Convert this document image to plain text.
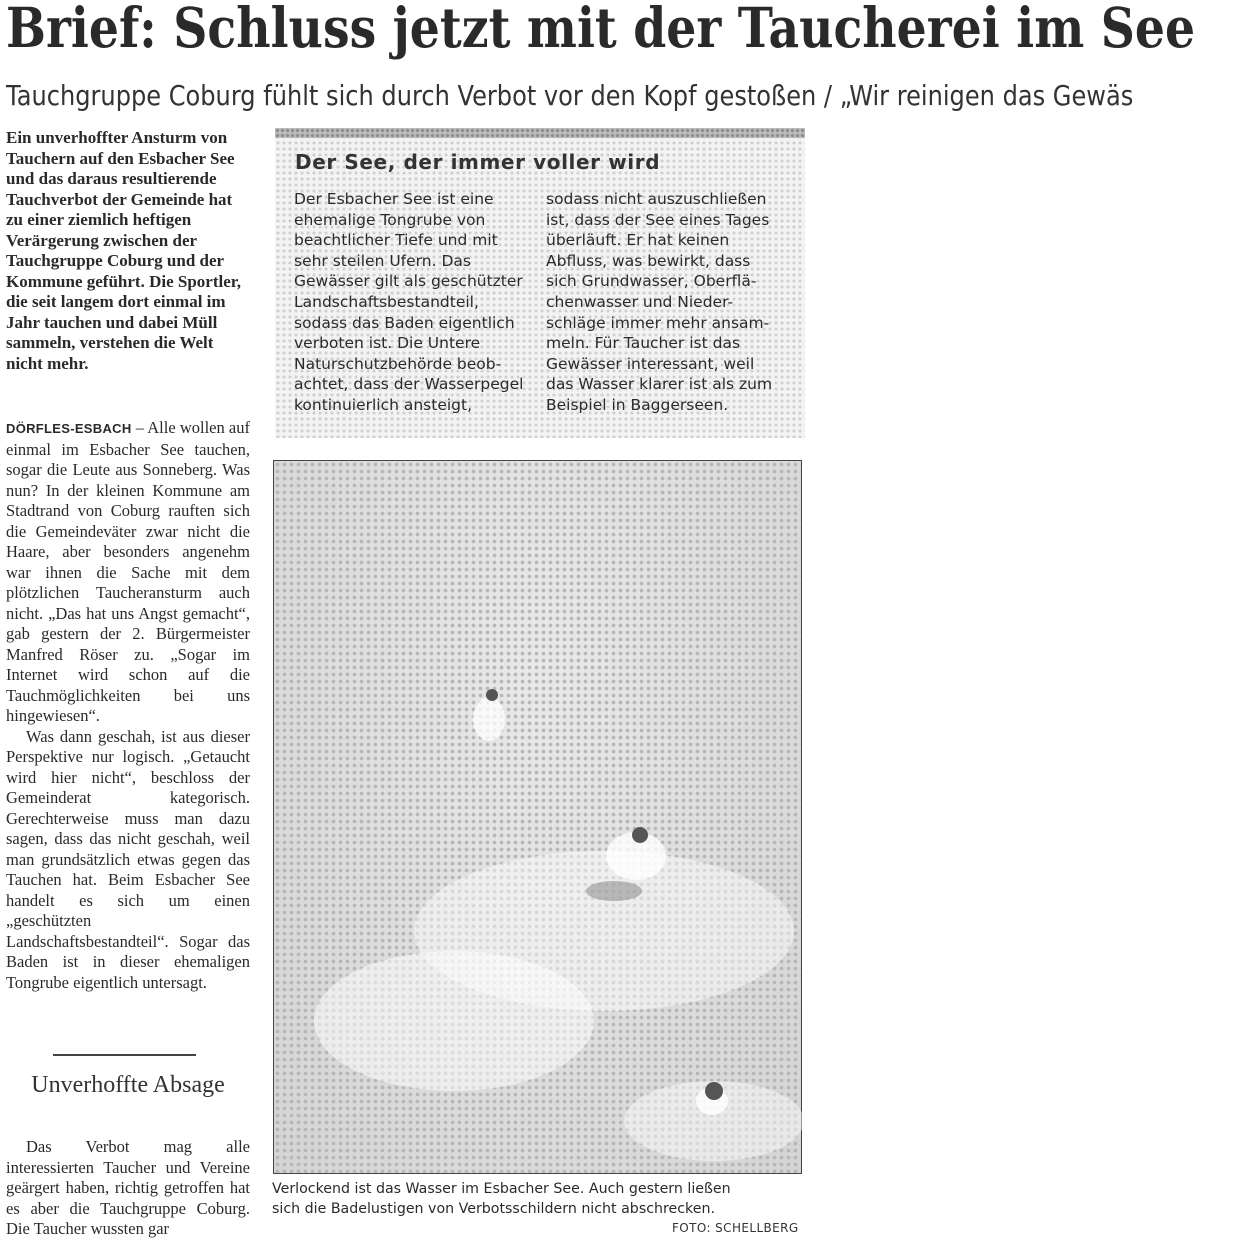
Brief: Schluss jetzt mit der Taucherei im See
Tauchgruppe Coburg fühlt sich durch Verbot vor den Kopf gestoßen / „Wir reinigen das Gewäs
Ein unverhoffter Ansturm von Tauchern auf den Esbacher See und das daraus resultierende Tauchverbot der Gemeinde hat zu einer ziemlich heftigen Verärgerung zwischen der Tauchgruppe Coburg und der Kommune geführt. Die Sportler, die seit langem dort einmal im Jahr tauchen und dabei Müll sammeln, verstehen die Welt nicht mehr.

DÖRFLES-ESBACH – Alle wollen auf einmal im Esbacher See tauchen, sogar die Leute aus Sonneberg. Was nun? In der kleinen Kommune am Stadtrand von Coburg rauften sich die Gemeindeväter zwar nicht die Haare, aber besonders angenehm war ihnen die Sache mit dem plötzlichen Taucheransturm auch nicht. „Das hat uns Angst gemacht“, gab gestern der 2. Bürgermeister Manfred Röser zu. „Sogar im Internet wird schon auf die Tauchmöglichkeiten bei uns hingewiesen“.

Was dann geschah, ist aus dieser Perspektive nur logisch. „Getaucht wird hier nicht“, beschloss der Gemeinderat kategorisch. Gerechterweise muss man dazu sagen, dass das nicht geschah, weil man grundsätzlich etwas gegen das Tauchen hat. Beim Esbacher See handelt es sich um einen „geschützten Landschaftsbestandteil“. Sogar das Baden ist in dieser ehemaligen Tongrube eigentlich untersagt.

Unverhoffte Absage

Das Verbot mag alle interessierten Taucher und Vereine geärgert haben, richtig getroffen hat es aber die Tauchgruppe Coburg. Die Taucher wussten gar

Der See, der immer voller wird
Der Esbacher See ist eine
ehemalige Tongrube von
beachtlicher Tiefe und mit
sehr steilen Ufern. Das
Gewässer gilt als geschützter
Landschaftsbestandteil,
sodass das Baden eigentlich
verboten ist. Die Untere
Naturschutzbehörde beob-
achtet, dass der Wasserpegel
kontinuierlich ansteigt,
sodass nicht auszuschließen
ist, dass der See eines Tages
überläuft. Er hat keinen
Abfluss, was bewirkt, dass
sich Grundwasser, Oberflä-
chenwasser und Nieder-
schläge immer mehr ansam-
meln. Für Taucher ist das
Gewässer interessant, weil
das Wasser klarer ist als zum
Beispiel in Baggerseen.
Verlockend ist das Wasser im Esbacher See. Auch gestern ließen
sich die Badelustigen von Verbotsschildern nicht abschrecken.
FOTO: SCHELLBERG
